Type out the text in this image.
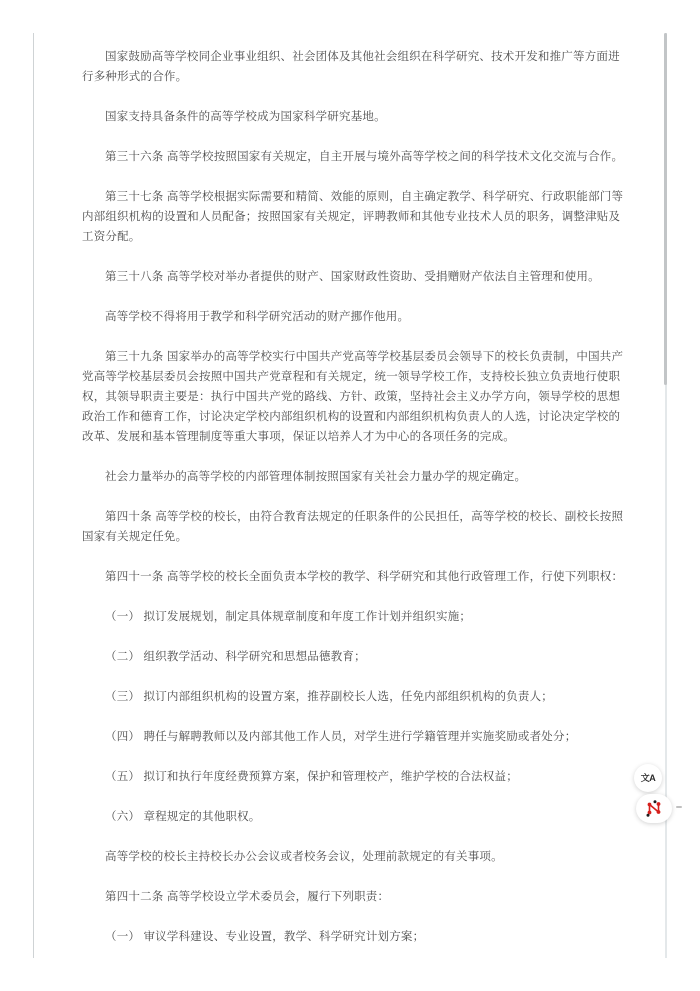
国家鼓励高等学校同企业事业组织、社会团体及其他社会组织在科学研究、技术开发和推广等方面进行多种形式的合作。

国家支持具备条件的高等学校成为国家科学研究基地。

第三十六条 高等学校按照国家有关规定，自主开展与境外高等学校之间的科学技术文化交流与合作。

第三十七条 高等学校根据实际需要和精简、效能的原则，自主确定教学、科学研究、行政职能部门等内部组织机构的设置和人员配备；按照国家有关规定，评聘教师和其他专业技术人员的职务，调整津贴及工资分配。

第三十八条 高等学校对举办者提供的财产、国家财政性资助、受捐赠财产依法自主管理和使用。

高等学校不得将用于教学和科学研究活动的财产挪作他用。

第三十九条 国家举办的高等学校实行中国共产党高等学校基层委员会领导下的校长负责制，中国共产党高等学校基层委员会按照中国共产党章程和有关规定，统一领导学校工作，支持校长独立负责地行使职权，其领导职责主要是：执行中国共产党的路线、方针、政策，坚持社会主义办学方向，领导学校的思想政治工作和德育工作，讨论决定学校内部组织机构的设置和内部组织机构负责人的人选，讨论决定学校的改革、发展和基本管理制度等重大事项，保证以培养人才为中心的各项任务的完成。

社会力量举办的高等学校的内部管理体制按照国家有关社会力量办学的规定确定。

第四十条 高等学校的校长，由符合教育法规定的任职条件的公民担任，高等学校的校长、副校长按照国家有关规定任免。

第四十一条 高等学校的校长全面负责本学校的教学、科学研究和其他行政管理工作，行使下列职权：

（一） 拟订发展规划，制定具体规章制度和年度工作计划并组织实施；

（二） 组织教学活动、科学研究和思想品德教育；

（三） 拟订内部组织机构的设置方案，推荐副校长人选，任免内部组织机构的负责人；

（四） 聘任与解聘教师以及内部其他工作人员，对学生进行学籍管理并实施奖励或者处分；

（五） 拟订和执行年度经费预算方案，保护和管理校产，维护学校的合法权益；

（六） 章程规定的其他职权。

高等学校的校长主持校长办公会议或者校务会议，处理前款规定的有关事项。

第四十二条 高等学校设立学术委员会，履行下列职责：

（一） 审议学科建设、专业设置，教学、科学研究计划方案；

文A
